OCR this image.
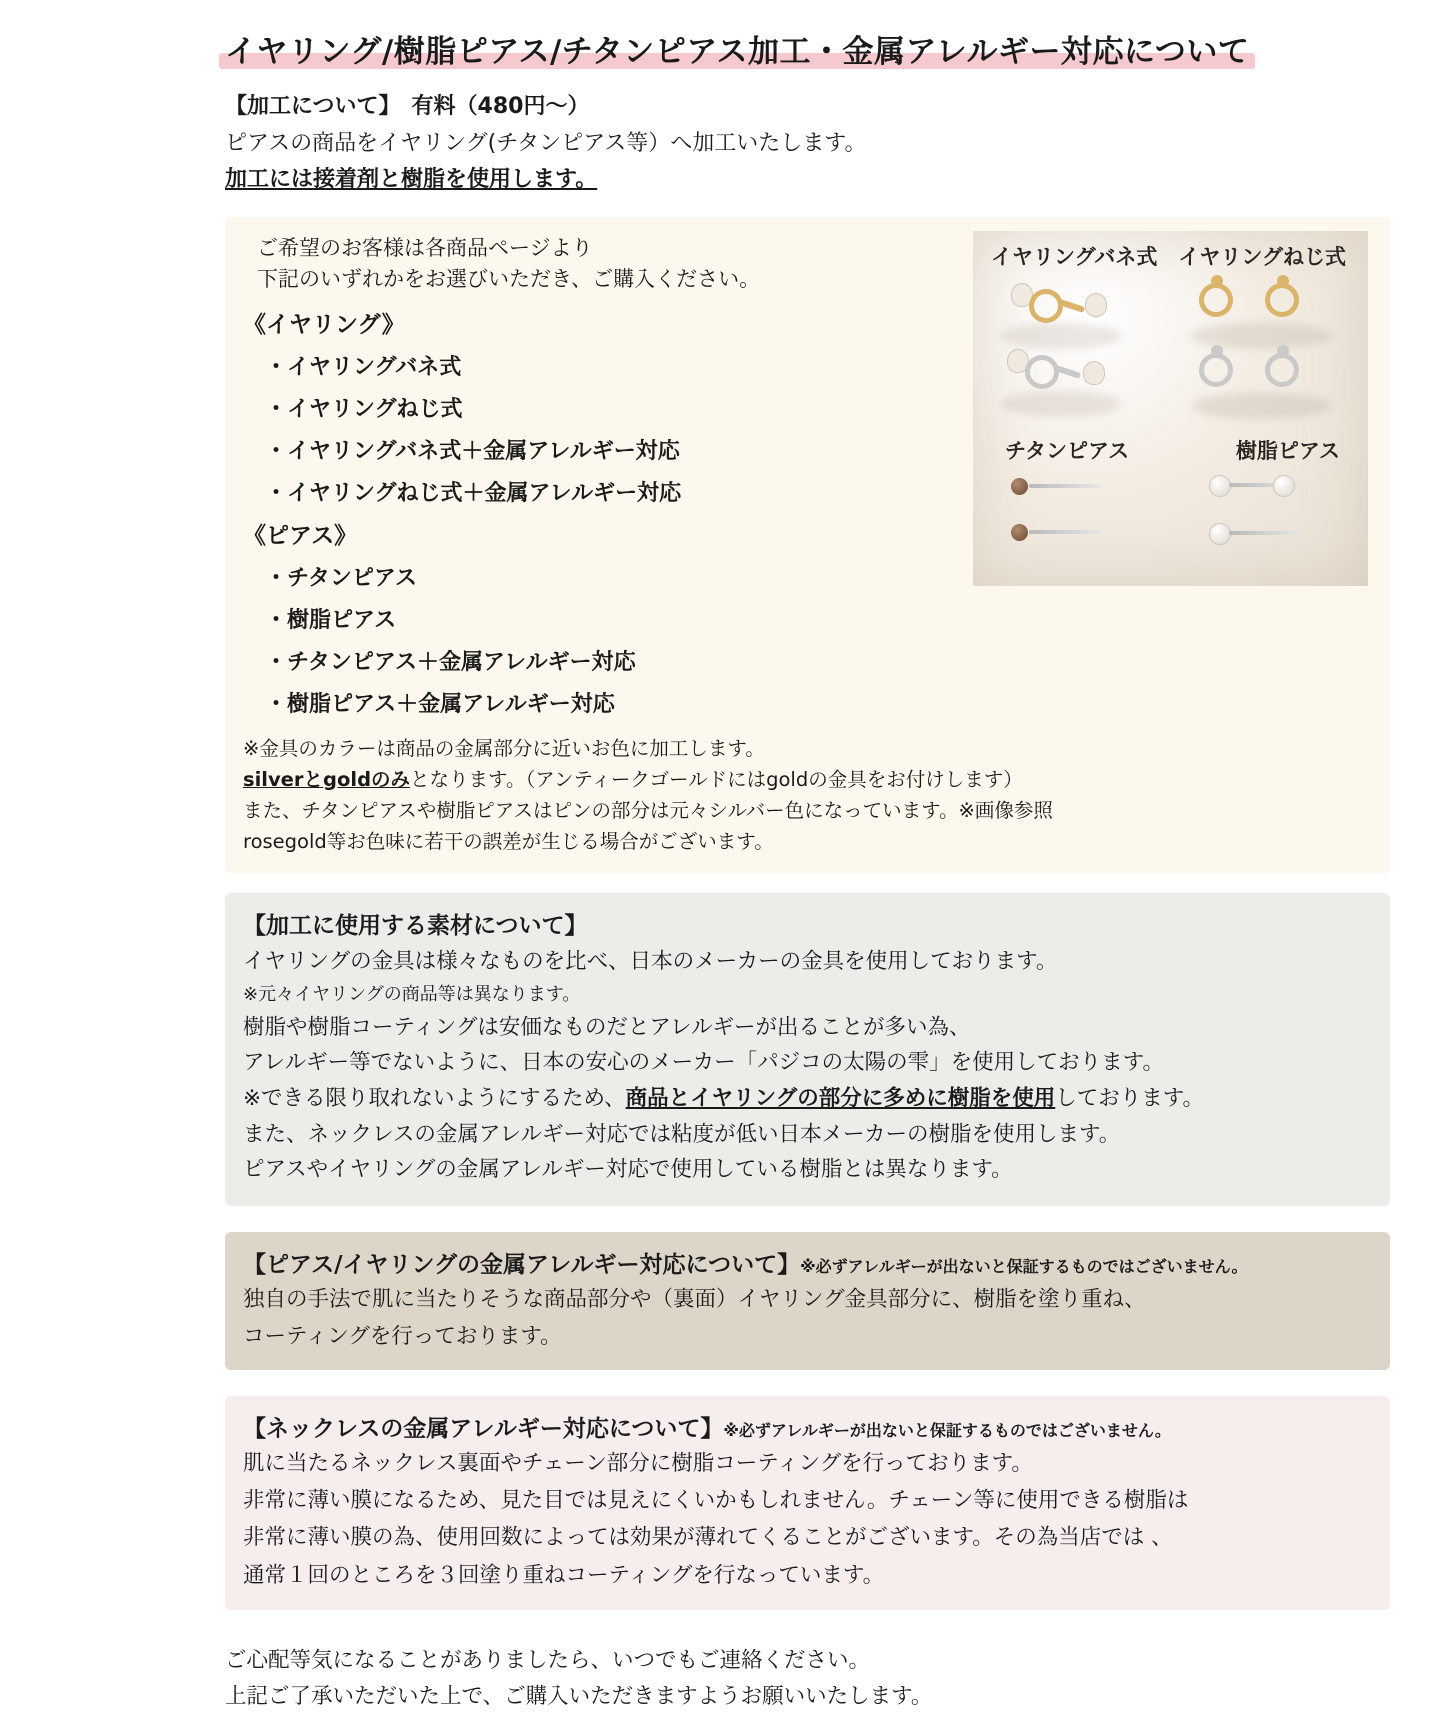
イヤリング/樹脂ピアス/チタンピアス加工・金属アレルギー対応について
【加工について】　有料（480円〜）
ピアスの商品をイヤリング(チタンピアス等）へ加工いたします。
加工には接着剤と樹脂を使用します。
ご希望のお客様は各商品ページより
下記のいずれかをお選びいただき、ご購入ください。
《イヤリング》
・イヤリングバネ式
・イヤリングねじ式
・イヤリングバネ式＋金属アレルギー対応
・イヤリングねじ式＋金属アレルギー対応
《ピアス》
・チタンピアス
・樹脂ピアス
・チタンピアス＋金属アレルギー対応
・樹脂ピアス＋金属アレルギー対応
※金具のカラーは商品の金属部分に近いお色に加工します。
silverとgoldのみとなります。（アンティークゴールドにはgoldの金具をお付けします）
また、チタンピアスや樹脂ピアスはピンの部分は元々シルバー色になっています。※画像参照
rosegold等お色味に若干の誤差が生じる場合がございます。
イヤリングバネ式 イヤリングねじ式
チタンピアス	樹脂ピアス
【加工に使用する素材について】
イヤリングの金具は様々なものを比べ、日本のメーカーの金具を使用しております。
※元々イヤリングの商品等は異なります。
樹脂や樹脂コーティングは安価なものだとアレルギーが出ることが多い為、
アレルギー等でないように、日本の安心のメーカー「パジコの太陽の雫」を使用しております。
※できる限り取れないようにするため、商品とイヤリングの部分に多めに樹脂を使用しております。
また、ネックレスの金属アレルギー対応では粘度が低い日本メーカーの樹脂を使用します。
ピアスやイヤリングの金属アレルギー対応で使用している樹脂とは異なります。
【ピアス/イヤリングの金属アレルギー対応について】※必ずアレルギーが出ないと保証するものではございません。
独自の手法で肌に当たりそうな商品部分や（裏面）イヤリング金具部分に、樹脂を塗り重ね、
コーティングを行っております。
【ネックレスの金属アレルギー対応について】※必ずアレルギーが出ないと保証するものではございません。
肌に当たるネックレス裏面やチェーン部分に樹脂コーティングを行っております。
非常に薄い膜になるため、見た目では見えにくいかもしれません。チェーン等に使用できる樹脂は
非常に薄い膜の為、使用回数によっては効果が薄れてくることがございます。その為当店では 、
通常１回のところを３回塗り重ねコーティングを行なっています。
ご心配等気になることがありましたら、いつでもご連絡ください。
上記ご了承いただいた上で、ご購入いただきますようお願いいたします。
